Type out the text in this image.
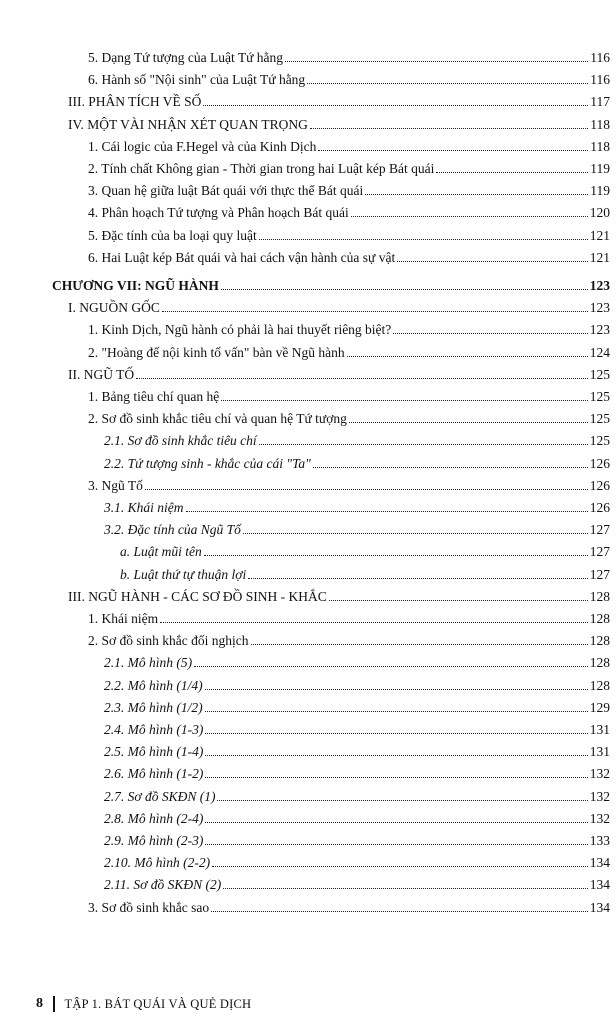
5. Dạng Tứ tượng của Luật Tứ hằng	116
6. Hành số "Nội sinh" của Luật Tứ hằng	116
III. PHÂN TÍCH VỀ SỐ	117
IV. MỘT VÀI NHẬN XÉT QUAN TRỌNG	118
1. Cái logic của F.Hegel và của Kinh Dịch	118
2. Tính chất Không gian - Thời gian trong hai Luật kép Bát quái	119
3. Quan hệ giữa luật Bát quái với thực thể Bát quái	119
4. Phân hoạch Tứ tượng và Phân hoạch Bát quái	120
5. Đặc tính của ba loại quy luật	121
6. Hai Luật kép Bát quái và hai cách vận hành của sự vật	121
CHƯƠNG VII: NGŨ HÀNH	123
I. NGUỒN GỐC	123
1. Kinh Dịch, Ngũ hành có phải là hai thuyết riêng biệt?	123
2. "Hoàng đế nội kinh tố vấn" bàn về Ngũ hành	124
II. NGŨ TỐ	125
1. Bảng tiêu chí quan hệ	125
2. Sơ đồ sinh khắc tiêu chí và quan hệ Tứ tượng	125
2.1. Sơ đồ sinh khắc tiêu chí	125
2.2. Tứ tượng sinh - khắc của cái "Ta"	126
3. Ngũ Tố	126
3.1. Khái niệm	126
3.2. Đặc tính của Ngũ Tố	127
a. Luật mũi tên	127
b. Luật thứ tự thuận lợi	127
III. NGŨ HÀNH - CÁC SƠ ĐỒ SINH - KHẮC	128
1. Khái niệm	128
2. Sơ đồ sinh khắc đối nghịch	128
2.1. Mô hình (5)	128
2.2. Mô hình (1/4)	128
2.3. Mô hình (1/2)	129
2.4. Mô hình (1-3)	131
2.5. Mô hình (1-4)	131
2.6. Mô hình (1-2)	132
2.7. Sơ đồ SKĐN (1)	132
2.8. Mô hình (2-4)	132
2.9. Mô hình (2-3)	133
2.10. Mô hình (2-2)	134
2.11. Sơ đồ SKĐN (2)	134
3. Sơ đồ sinh khắc sao	134
8 TẬP 1. BÁT QUÁI VÀ QUẺ DỊCH
